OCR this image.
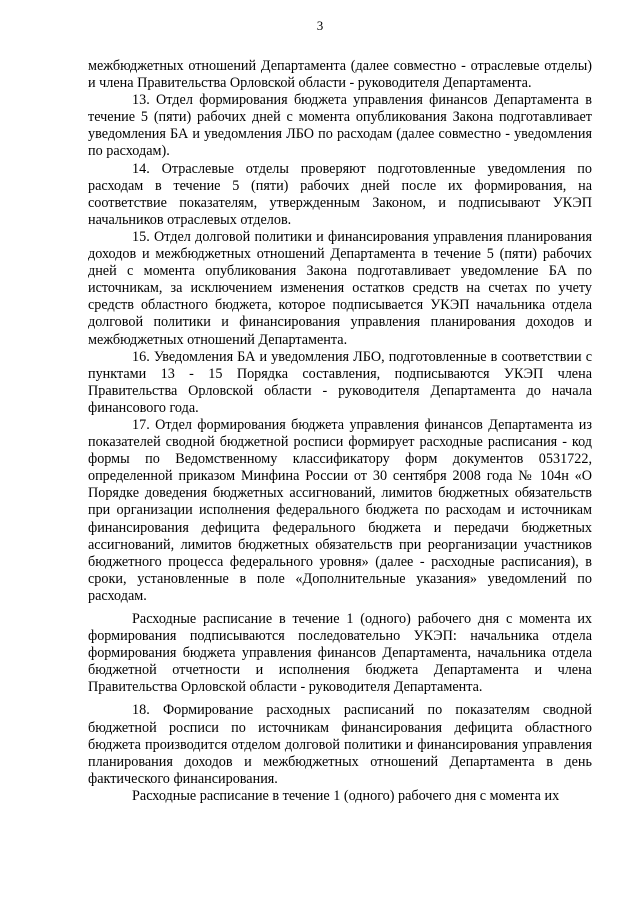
3

межбюджетных отношений Департамента (далее совместно - отраслевые отделы) и члена Правительства Орловской области - руководителя Департамента.

13. Отдел формирования бюджета управления финансов Департамента в течение 5 (пяти) рабочих дней с момента опубликования Закона подготавливает уведомления БА и уведомления ЛБО по расходам (далее совместно - уведомления по расходам).

14. Отраслевые отделы проверяют подготовленные уведомления по расходам в течение 5 (пяти) рабочих дней после их формирования, на соответствие показателям, утвержденным Законом, и подписывают УКЭП начальников отраслевых отделов.

15. Отдел долговой политики и финансирования управления планирования доходов и межбюджетных отношений Департамента в течение 5 (пяти) рабочих дней с момента опубликования Закона подготавливает уведомление БА по источникам, за исключением изменения остатков средств на счетах по учету средств областного бюджета, которое подписывается УКЭП начальника отдела долговой политики и финансирования управления планирования доходов и межбюджетных отношений Департамента.

16. Уведомления БА и уведомления ЛБО, подготовленные в соответствии с пунктами 13 - 15 Порядка составления, подписываются УКЭП члена Правительства Орловской области - руководителя Департамента до начала финансового года.

17. Отдел формирования бюджета управления финансов Департамента из показателей сводной бюджетной росписи формирует расходные расписания - код формы по Ведомственному классификатору форм документов 0531722, определенной приказом Минфина России от 30 сентября 2008 года № 104н «О Порядке доведения бюджетных ассигнований, лимитов бюджетных обязательств при организации исполнения федерального бюджета по расходам и источникам финансирования дефицита федерального бюджета и передачи бюджетных ассигнований, лимитов бюджетных обязательств при реорганизации участников бюджетного процесса федерального уровня» (далее - расходные расписания), в сроки, установленные в поле «Дополнительные указания» уведомлений по расходам.

Расходные расписание в течение 1 (одного) рабочего дня с момента их формирования подписываются последовательно УКЭП: начальника отдела формирования бюджета управления финансов Департамента, начальника отдела бюджетной отчетности и исполнения бюджета Департамента и члена Правительства Орловской области - руководителя Департамента.

18. Формирование расходных расписаний по показателям сводной бюджетной росписи по источникам финансирования дефицита областного бюджета производится отделом долговой политики и финансирования управления планирования доходов и межбюджетных отношений Департамента в день фактического финансирования.

Расходные расписание в течение 1 (одного) рабочего дня с момента их
